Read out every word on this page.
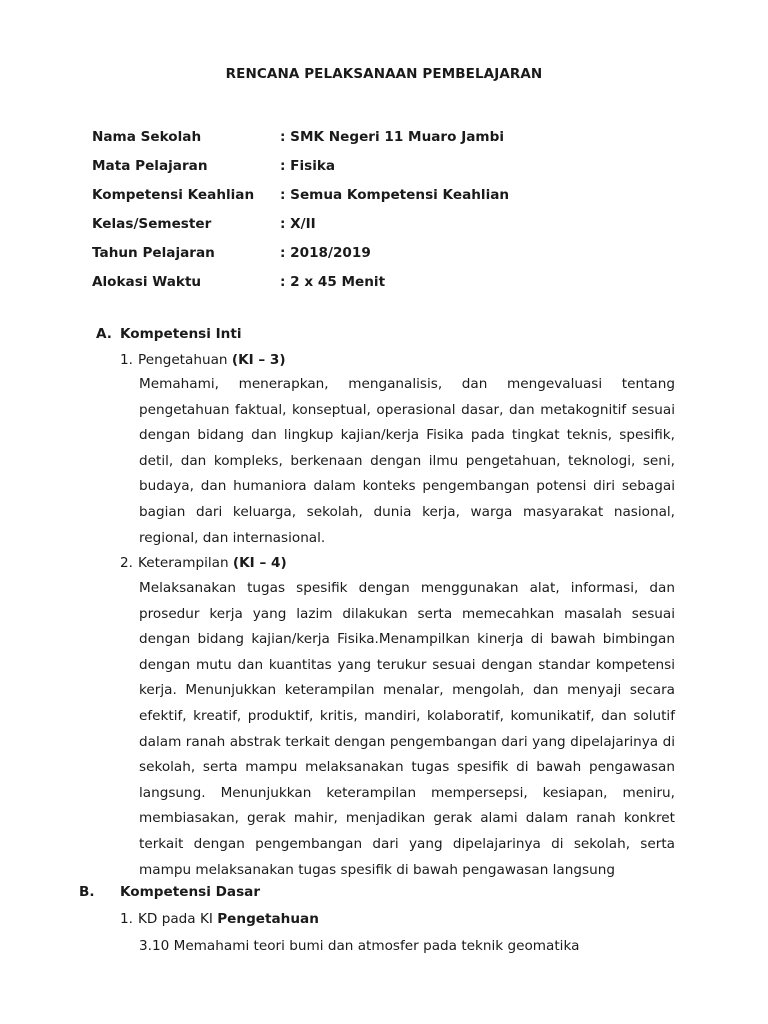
RENCANA PELAKSANAAN PEMBELAJARAN
Nama Sekolah	: SMK Negeri 11 Muaro Jambi
Mata Pelajaran	: Fisika
Kompetensi Keahlian	: Semua Kompetensi Keahlian
Kelas/Semester	: X/II
Tahun Pelajaran	: 2018/2019
Alokasi Waktu	: 2 x 45 Menit
A. Kompetensi Inti
1. Pengetahuan (KI – 3)
Memahami, menerapkan, menganalisis, dan mengevaluasi tentang pengetahuan faktual, konseptual, operasional dasar, dan metakognitif sesuai dengan bidang dan lingkup kajian/kerja Fisika pada tingkat teknis, spesifik, detil, dan kompleks, berkenaan dengan ilmu pengetahuan, teknologi, seni, budaya, dan humaniora dalam konteks pengembangan potensi diri sebagai bagian dari keluarga, sekolah, dunia kerja, warga masyarakat nasional, regional, dan internasional.
2. Keterampilan (KI – 4)
Melaksanakan tugas spesifik dengan menggunakan alat, informasi, dan prosedur kerja yang lazim dilakukan serta memecahkan masalah sesuai dengan bidang kajian/kerja Fisika.Menampilkan kinerja di bawah bimbingan dengan mutu dan kuantitas yang terukur sesuai dengan standar kompetensi kerja. Menunjukkan keterampilan menalar, mengolah, dan menyaji secara efektif, kreatif, produktif, kritis, mandiri, kolaboratif, komunikatif, dan solutif dalam ranah abstrak terkait dengan pengembangan dari yang dipelajarinya di sekolah, serta mampu melaksanakan tugas spesifik di bawah pengawasan langsung. Menunjukkan keterampilan mempersepsi, kesiapan, meniru, membiasakan, gerak mahir, menjadikan gerak alami dalam ranah konkret terkait dengan pengembangan dari yang dipelajarinya di sekolah, serta mampu melaksanakan tugas spesifik di bawah pengawasan langsung
B. Kompetensi Dasar
1. KD pada KI Pengetahuan
3.10 Memahami teori bumi dan atmosfer pada teknik geomatika
